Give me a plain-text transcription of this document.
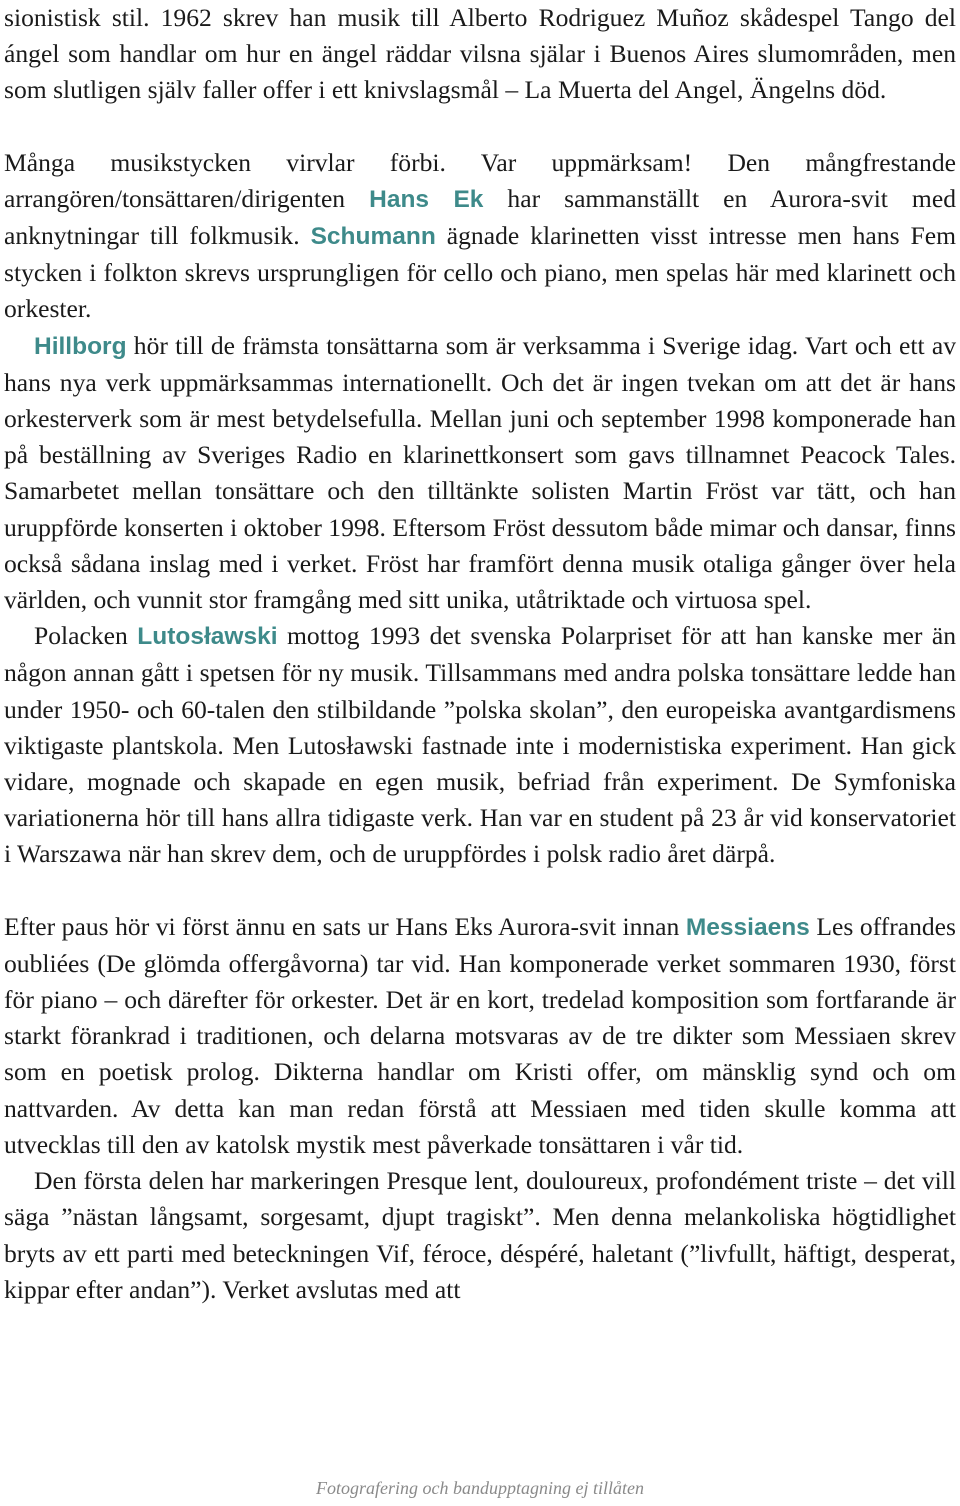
sionistisk stil. 1962 skrev han musik till Alberto Rodriguez Muñoz skådespel Tango del ángel som handlar om hur en ängel räddar vilsna själar i Buenos Aires slumområden, men som slutligen själv faller offer i ett knivslagsmål – La Muerta del Angel, Ängelns död.

Många musikstycken virvlar förbi. Var uppmärksam! Den mångfrestande arrangören/tonsättaren/dirigenten Hans Ek har sammanställt en Aurora-svit med anknytningar till folkmusik. Schumann ägnade klarinetten visst intresse men hans Fem stycken i folkton skrevs ursprungligen för cello och piano, men spelas här med klarinett och orkester.

Hillborg hör till de främsta tonsättarna som är verksamma i Sverige idag. Vart och ett av hans nya verk uppmärksammas internationellt. Och det är ingen tvekan om att det är hans orkesterverk som är mest betydelsefulla. Mellan juni och september 1998 komponerade han på beställning av Sveriges Radio en klarinettkonsert som gavs tillnamnet Peacock Tales. Samarbetet mellan tonsättare och den tilltänkte solisten Martin Fröst var tätt, och han uruppförde konserten i oktober 1998. Eftersom Fröst dessutom både mimar och dansar, finns också sådana inslag med i verket. Fröst har framfört denna musik otaliga gånger över hela världen, och vunnit stor framgång med sitt unika, utåtriktade och virtuosa spel.

Polacken Lutosławski mottog 1993 det svenska Polarpriset för att han kanske mer än någon annan gått i spetsen för ny musik. Tillsammans med andra polska tonsättare ledde han under 1950- och 60-talen den stilbildande ”polska skolan”, den europeiska avantgardismens viktigaste plantskola. Men Lutosławski fastnade inte i modernistiska experiment. Han gick vidare, mognade och skapade en egen musik, befriad från experiment. De Symfoniska variationerna hör till hans allra tidigaste verk. Han var en student på 23 år vid konservatoriet i Warszawa när han skrev dem, och de uruppfördes i polsk radio året därpå.

Efter paus hör vi först ännu en sats ur Hans Eks Aurora-svit innan Messiaens Les offrandes oubliées (De glömda offergåvorna) tar vid. Han komponerade verket sommaren 1930, först för piano – och därefter för orkester. Det är en kort, tredelad komposition som fortfarande är starkt förankrad i traditionen, och delarna motsvaras av de tre dikter som Messiaen skrev som en poetisk prolog. Dikterna handlar om Kristi offer, om mänsklig synd och om nattvarden. Av detta kan man redan förstå att Messiaen med tiden skulle komma att utvecklas till den av katolsk mystik mest påverkade tonsättaren i vår tid.

Den första delen har markeringen Presque lent, douloureux, profondément triste – det vill säga ”nästan långsamt, sorgesamt, djupt tragiskt”. Men denna melankoliska högtidlighet bryts av ett parti med beteckningen Vif, féroce, déspéré, haletant (”livfullt, häftigt, desperat, kippar efter andan”). Verket avslutas med att

Fotografering och bandupptagning ej tillåten
